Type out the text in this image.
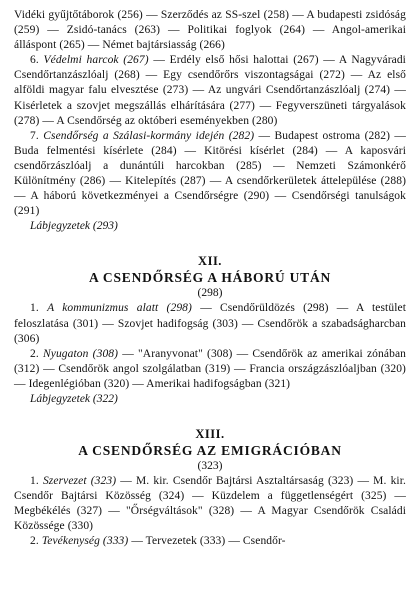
Vidéki gyűjtőtáborok (256) — Szerződés az SS-szel (258) — A budapesti zsidóság (259) — Zsidó-tanács (263) — Politikai foglyok (264) — Angol-amerikai álláspont (265) — Német bajtársiasság (266)

6. Védelmi harcok (267) — Erdély első hősi halottai (267) — A Nagyváradi Csendőrtanzászlóalj (268) — Egy csendőrőrs viszontagságai (272) — Az első alföldi magyar falu elvesztése (273) — Az ungvári Csendőrtanzászlóalj (274) — Kisérletek a szovjet megszállás elhárítására (277) — Fegyverszüneti tárgyalások (278) — A Csendőrség az októberi eseményekben (280)

7. Csendőrség a Szálasi-kormány idején (282) — Budapest ostroma (282) — Buda felmentési kísérlete (284) — Kitörési kísérlet (284) — A kaposvári csendőrzászlóalj a dunántúli harcokban (285) — Nemzeti Számonkérő Különítmény (286) — Kitelepítés (287) — A csendőrkerületek áttelepülése (288) — A háború következményei a Csendőrségre (290) — Csendőrségi tanulságok (291)

Lábjegyzetek (293)

XII.
A CSENDŐRSÉG A HÁBORÚ UTÁN
(298)

1. A kommunizmus alatt (298) — Csendőrüldözés (298) — A testület feloszlatása (301) — Szovjet hadifogság (303) — Csendőrök a szabadságharcban (306)

2. Nyugaton (308) — "Aranyvonat" (308) — Csendőrök az amerikai zónában (312) — Csendőrök angol szolgálatban (319) — Francia országzászlóaljban (320) — Idegenlégióban (320) — Amerikai hadifogságban (321)

Lábjegyzetek (322)

XIII.
A CSENDŐRSÉG AZ EMIGRÁCIÓBAN
(323)

1. Szervezet (323) — M. kir. Csendőr Bajtársi Asztaltársaság (323) — M. kir. Csendőr Bajtársi Közösség (324) — Küzdelem a függetlenségért (325) — Megbékélés (327) — "Őrségváltások" (328) — A Magyar Csendőrök Családi Közössége (330)

2. Tevékenység (333) — Tervezetek (333) — Csendőr-
